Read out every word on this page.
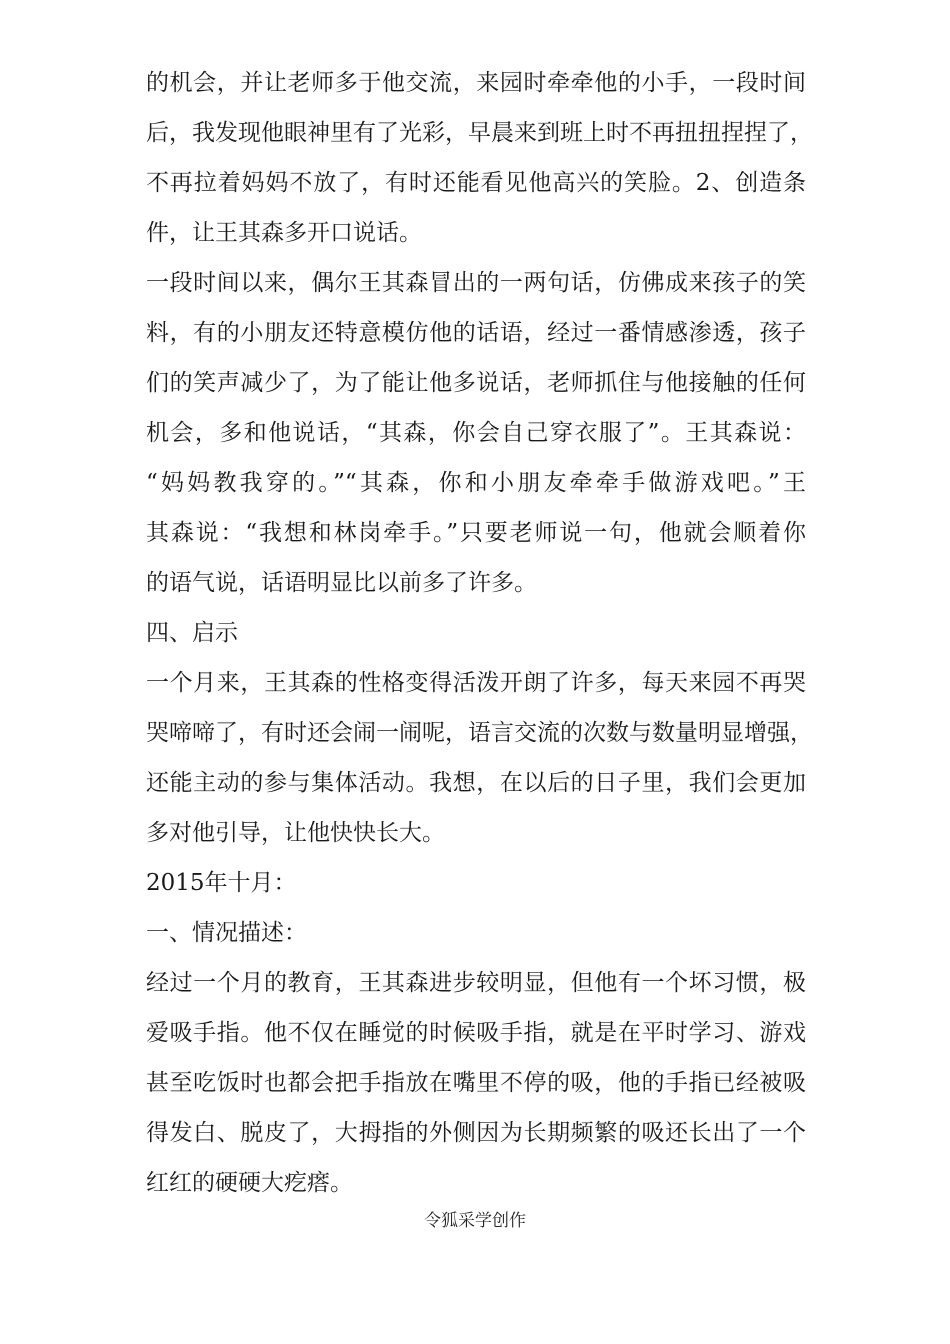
的机会，并让老师多于他交流，来园时牵牵他的小手，一段时间
后，我发现他眼神里有了光彩，早晨来到班上时不再扭扭捏捏了，
不再拉着妈妈不放了，有时还能看见他高兴的笑脸。2、创造条
件，让王其森多开口说话。
一段时间以来，偶尔王其森冒出的一两句话，仿佛成来孩子的笑
料，有的小朋友还特意模仿他的话语，经过一番情感渗透，孩子
们的笑声减少了，为了能让他多说话，老师抓住与他接触的任何
机会，多和他说话，“其森，你会自己穿衣服了”。王其森说：
“妈妈教我穿的。”“其森，你和小朋友牵牵手做游戏吧。”王
其森说：“我想和林岗牵手。”只要老师说一句，他就会顺着你
的语气说，话语明显比以前多了许多。
四、启示
一个月来，王其森的性格变得活泼开朗了许多，每天来园不再哭
哭啼啼了，有时还会闹一闹呢，语言交流的次数与数量明显增强，
还能主动的参与集体活动。我想，在以后的日子里，我们会更加
多对他引导，让他快快长大。
2015年十月：
一、情况描述：
经过一个月的教育，王其森进步较明显，但他有一个坏习惯，极
爱吸手指。他不仅在睡觉的时候吸手指，就是在平时学习、游戏
甚至吃饭时也都会把手指放在嘴里不停的吸，他的手指已经被吸
得发白、脱皮了，大拇指的外侧因为长期频繁的吸还长出了一个
红红的硬硬大疙瘩。
令狐采学创作
